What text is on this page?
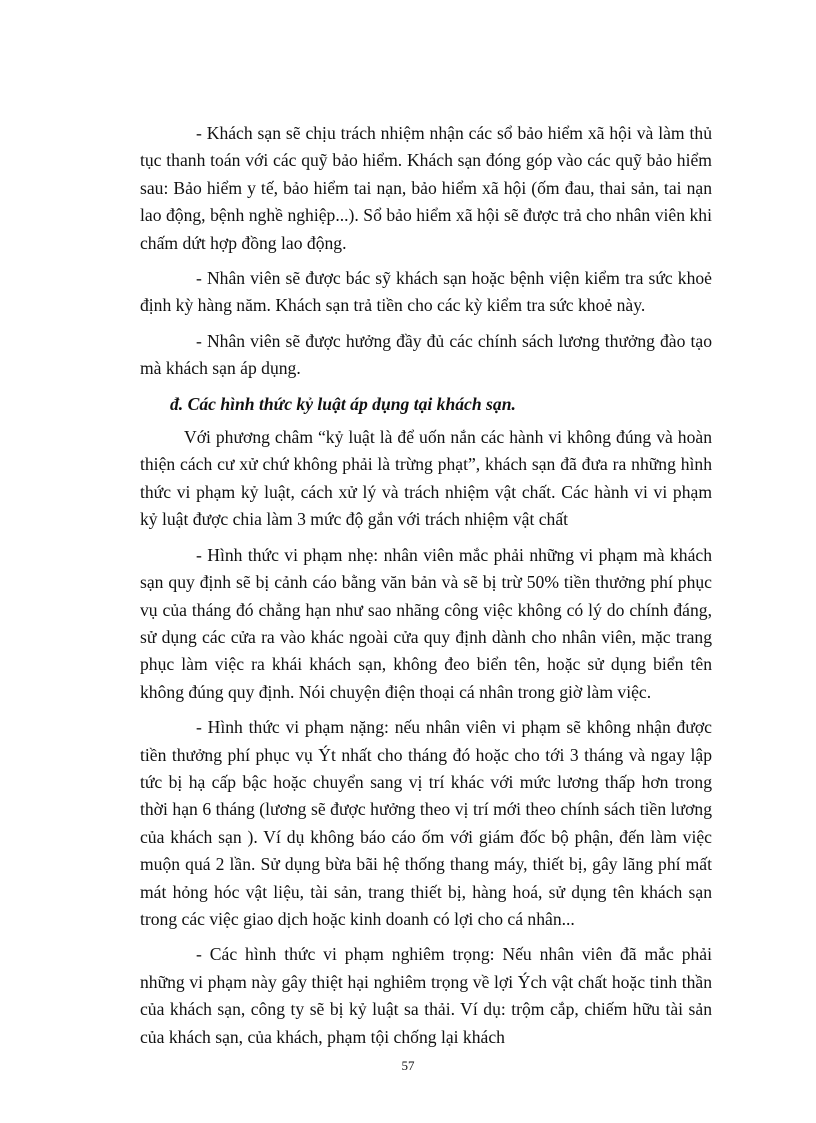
- Khách sạn sẽ chịu trách nhiệm nhận các sổ bảo hiểm xã hội và làm thủ tục thanh toán với các quỹ bảo hiểm. Khách sạn đóng góp vào các quỹ bảo hiểm sau: Bảo hiểm y tế, bảo hiểm tai nạn, bảo hiểm xã hội (ốm đau, thai sản, tai nạn lao động, bệnh nghề nghiệp...). Sổ bảo hiểm xã hội sẽ được trả cho nhân viên khi chấm dứt hợp đồng lao động.

- Nhân viên sẽ được bác sỹ khách sạn hoặc bệnh viện kiểm tra sức khoẻ định kỳ hàng năm. Khách sạn trả tiền cho các kỳ kiểm tra sức khoẻ này.

- Nhân viên sẽ được hưởng đầy đủ các chính sách lương thưởng đào tạo mà khách sạn áp dụng.

đ. Các hình thức kỷ luật áp dụng tại khách sạn.

Với phương châm “kỷ luật là để uốn nắn các hành vi không đúng và hoàn thiện cách cư xử chứ không phải là trừng phạt”, khách sạn đã đưa ra những hình thức vi phạm kỷ luật, cách xử lý và trách nhiệm vật chất. Các hành vi vi phạm kỷ luật được chia làm 3 mức độ gắn với trách nhiệm vật chất

- Hình thức vi phạm nhẹ: nhân viên mắc phải những vi phạm mà khách sạn quy định sẽ bị cảnh cáo bằng văn bản và sẽ bị trừ 50% tiền thưởng phí phục vụ của tháng đó chẳng hạn như sao nhãng công việc không có lý do chính đáng, sử dụng các cửa ra vào khác ngoài cửa quy định dành cho nhân viên, mặc trang phục làm việc ra khái khách sạn, không đeo biển tên, hoặc sử dụng biển tên không đúng quy định. Nói chuyện điện thoại cá nhân trong giờ làm việc.

- Hình thức vi phạm nặng: nếu nhân viên vi phạm sẽ không nhận được tiền thưởng phí phục vụ Ýt nhất cho tháng đó hoặc cho tới 3 tháng và ngay lập tức bị hạ cấp bậc hoặc chuyển sang vị trí khác với mức lương thấp hơn trong thời hạn 6 tháng (lương sẽ được hưởng theo vị trí mới theo chính sách tiền lương của khách sạn ). Ví dụ không báo cáo ốm với giám đốc bộ phận, đến làm việc muộn quá 2 lần. Sử dụng bừa bãi hệ thống thang máy, thiết bị, gây lãng phí mất mát hỏng hóc vật liệu, tài sản, trang thiết bị, hàng hoá, sử dụng tên khách sạn trong các việc giao dịch hoặc kinh doanh có lợi cho cá nhân...

- Các hình thức vi phạm nghiêm trọng: Nếu nhân viên đã mắc phải những vi phạm này gây thiệt hại nghiêm trọng về lợi Ých vật chất hoặc tinh thần của khách sạn, công ty sẽ bị kỷ luật sa thải. Ví dụ: trộm cắp, chiếm hữu tài sản của khách sạn, của khách, phạm tội chống lại khách

57
